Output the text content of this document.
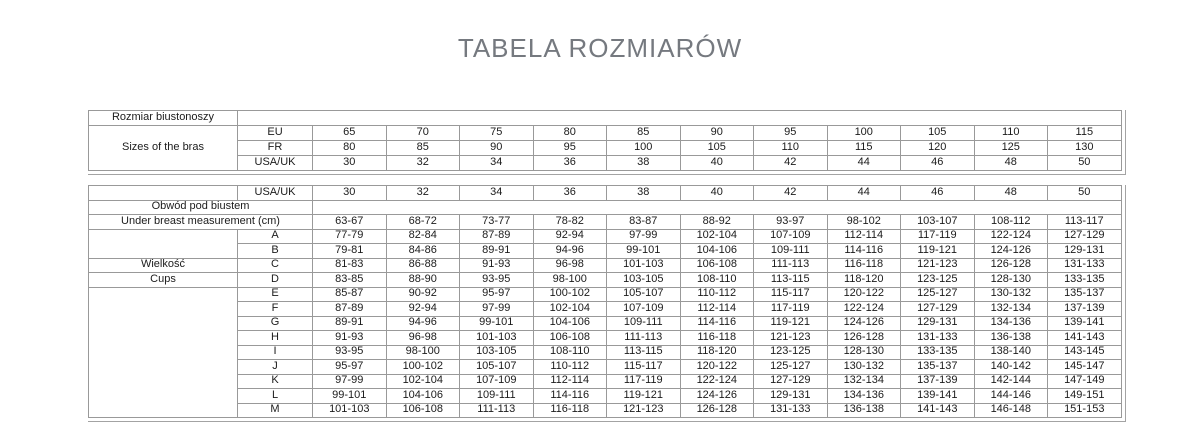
TABELA ROZMIARÓW
Rozmiar biustonoszy												
Sizes of the bras	EU	65	70	75	80	85	90	95	100	105	110	115
	FR	80	85	90	95	100	105	110	115	120	125	130
	USA/UK	30	32	34	36	38	40	42	44	46	48	50

	USA/UK	30	32	34	36	38	40	42	44	46	48	50
Obwód pod biustem												
Under breast measurement (cm)		63-67	68-72	73-77	78-82	83-87	88-92	93-97	98-102	103-107	108-112	113-117
	A	77-79	82-84	87-89	92-94	97-99	102-104	107-109	112-114	117-119	122-124	127-129
	B	79-81	84-86	89-91	94-96	99-101	104-106	109-111	114-116	119-121	124-126	129-131
Wielkość	C	81-83	86-88	91-93	96-98	101-103	106-108	111-113	116-118	121-123	126-128	131-133
Cups	D	83-85	88-90	93-95	98-100	103-105	108-110	113-115	118-120	123-125	128-130	133-135
	E	85-87	90-92	95-97	100-102	105-107	110-112	115-117	120-122	125-127	130-132	135-137
	F	87-89	92-94	97-99	102-104	107-109	112-114	117-119	122-124	127-129	132-134	137-139
	G	89-91	94-96	99-101	104-106	109-111	114-116	119-121	124-126	129-131	134-136	139-141
	H	91-93	96-98	101-103	106-108	111-113	116-118	121-123	126-128	131-133	136-138	141-143
	I	93-95	98-100	103-105	108-110	113-115	118-120	123-125	128-130	133-135	138-140	143-145
	J	95-97	100-102	105-107	110-112	115-117	120-122	125-127	130-132	135-137	140-142	145-147
	K	97-99	102-104	107-109	112-114	117-119	122-124	127-129	132-134	137-139	142-144	147-149
	L	99-101	104-106	109-111	114-116	119-121	124-126	129-131	134-136	139-141	144-146	149-151
	M	101-103	106-108	111-113	116-118	121-123	126-128	131-133	136-138	141-143	146-148	151-153
